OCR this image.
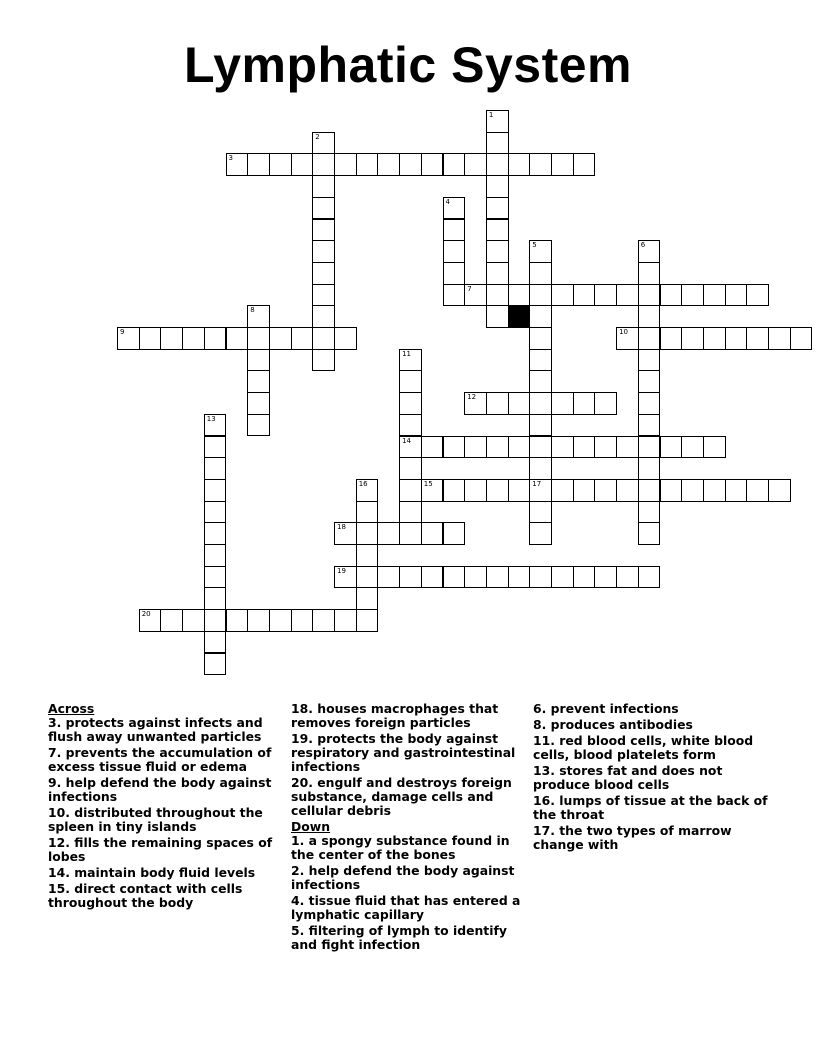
Lymphatic System
3
7
9	10
12
14
15	17
18
19
20
1
2
4
5	6
8
11
13
16

Across

3. protects against infects and flush away unwanted particles

7. prevents the accumulation of excess tissue fluid or edema

9. help defend the body against infections

10. distributed throughout the spleen in tiny islands

12. fills the remaining spaces of lobes

14. maintain body fluid levels

15. direct contact with cells throughout the body

18. houses macrophages that removes foreign particles

19. protects the body against respiratory and gastrointestinal infections

20. engulf and destroys foreign substance, damage cells and cellular debris

Down

1. a spongy substance found in the center of the bones

2. help defend the body against infections

4. tissue fluid that has entered a lymphatic capillary

5. filtering of lymph to identify and fight infection

6. prevent infections

8. produces antibodies

11. red blood cells, white blood cells, blood platelets form

13. stores fat and does not produce blood cells

16. lumps of tissue at the back of the throat

17. the two types of marrow change with
